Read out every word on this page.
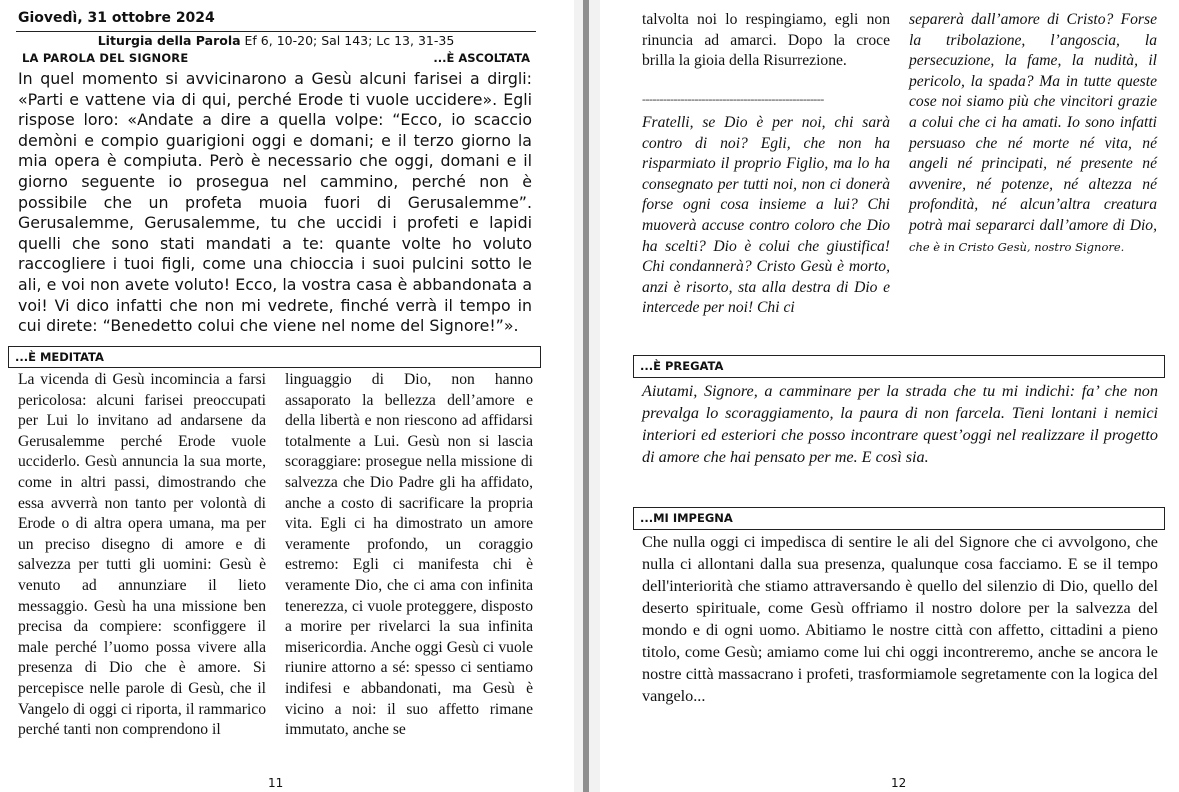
Giovedì, 31 ottobre 2024
Liturgia della Parola Ef 6, 10-20; Sal 143; Lc 13, 31-35
LA PAROLA DEL SIGNORE	...È ASCOLTATA

In quel momento si avvicinarono a Gesù alcuni farisei a dirgli: «Parti e vattene via di qui, perché Erode ti vuole uccidere». Egli rispose loro: «Andate a dire a quella volpe: “Ecco, io scaccio demòni e compio guarigioni oggi e domani; e il terzo giorno la mia opera è compiuta. Però è necessario che oggi, domani e il giorno seguente io prosegua nel cammino, perché non è possibile che un profeta muoia fuori di Gerusalemme”. Gerusalemme, Gerusalemme, tu che uccidi i profeti e lapidi quelli che sono stati mandati a te: quante volte ho voluto raccogliere i tuoi figli, come una chioccia i suoi pulcini sotto le ali, e voi non avete voluto! Ecco, la vostra casa è abbandonata a voi! Vi dico infatti che non mi vedrete, finché verrà il tempo in cui direte: “Benedetto colui che viene nel nome del Signore!”».

...È MEDITATA

La vicenda di Gesù incomincia a farsi pericolosa: alcuni farisei preoccupati per Lui lo invitano ad andarsene da Gerusalemme perché Erode vuole ucciderlo. Gesù annuncia la sua morte, come in altri passi, dimostrando che essa avverrà non tanto per volontà di Erode o di altra opera umana, ma per un preciso disegno di amore e di salvezza per tutti gli uomini: Gesù è venuto ad annunziare il lieto messaggio. Gesù ha una missione ben precisa da compiere: sconfiggere il male perché l’uomo possa vivere alla presenza di Dio che è amore. Si percepisce nelle parole di Gesù, che il Vangelo di oggi ci riporta, il rammarico perché tanti non comprendono il

linguaggio di Dio, non hanno assaporato la bellezza dell’amore e della libertà e non riescono ad affidarsi totalmente a Lui. Gesù non si lascia scoraggiare: prosegue nella missione di salvezza che Dio Padre gli ha affidato, anche a costo di sacrificare la propria vita. Egli ci ha dimostrato un amore veramente profondo, un coraggio estremo: Egli ci manifesta chi è veramente Dio, che ci ama con infinita tenerezza, ci vuole proteggere, disposto a morire per rivelarci la sua infinita misericordia. Anche oggi Gesù ci vuole riunire attorno a sé: spesso ci sentiamo indifesi e abbandonati, ma Gesù è vicino a noi: il suo affetto rimane immutato, anche se

11

talvolta noi lo respingiamo, egli non rinuncia ad amarci. Dopo la croce brilla la gioia della Risurrezione.

----------------------------------------------------

Fratelli, se Dio è per noi, chi sarà contro di noi? Egli, che non ha risparmiato il proprio Figlio, ma lo ha consegnato per tutti noi, non ci donerà forse ogni cosa insieme a lui? Chi muoverà accuse contro coloro che Dio ha scelti? Dio è colui che giustifica! Chi condannerà? Cristo Gesù è morto, anzi è risorto, sta alla destra di Dio e intercede per noi! Chi ci

separerà dall’amore di Cristo? Forse la tribolazione, l’angoscia, la persecuzione, la fame, la nudità, il pericolo, la spada? Ma in tutte queste cose noi siamo più che vincitori grazie a colui che ci ha amati. Io sono infatti persuaso che né morte né vita, né angeli né principati, né presente né avvenire, né potenze, né altezza né profondità, né alcun’altra creatura potrà mai separarci dall’amore di Dio, che è in Cristo Gesù, nostro Signore.

...È PREGATA

Aiutami, Signore, a camminare per la strada che tu mi indichi: fa’ che non prevalga lo scoraggiamento, la paura di non farcela. Tieni lontani i nemici interiori ed esteriori che posso incontrare quest’oggi nel realizzare il progetto di amore che hai pensato per me. E così sia.

...MI IMPEGNA

Che nulla oggi ci impedisca di sentire le ali del Signore che ci avvolgono, che nulla ci allontani dalla sua presenza, qualunque cosa facciamo. E se il tempo dell'interiorità che stiamo attraversando è quello del silenzio di Dio, quello del deserto spirituale, come Gesù offriamo il nostro dolore per la salvezza del mondo e di ogni uomo. Abitiamo le nostre città con affetto, cittadini a pieno titolo, come Gesù; amiamo come lui chi oggi incontreremo, anche se ancora le nostre città massacrano i profeti, trasformiamole segretamente con la logica del vangelo...

12
